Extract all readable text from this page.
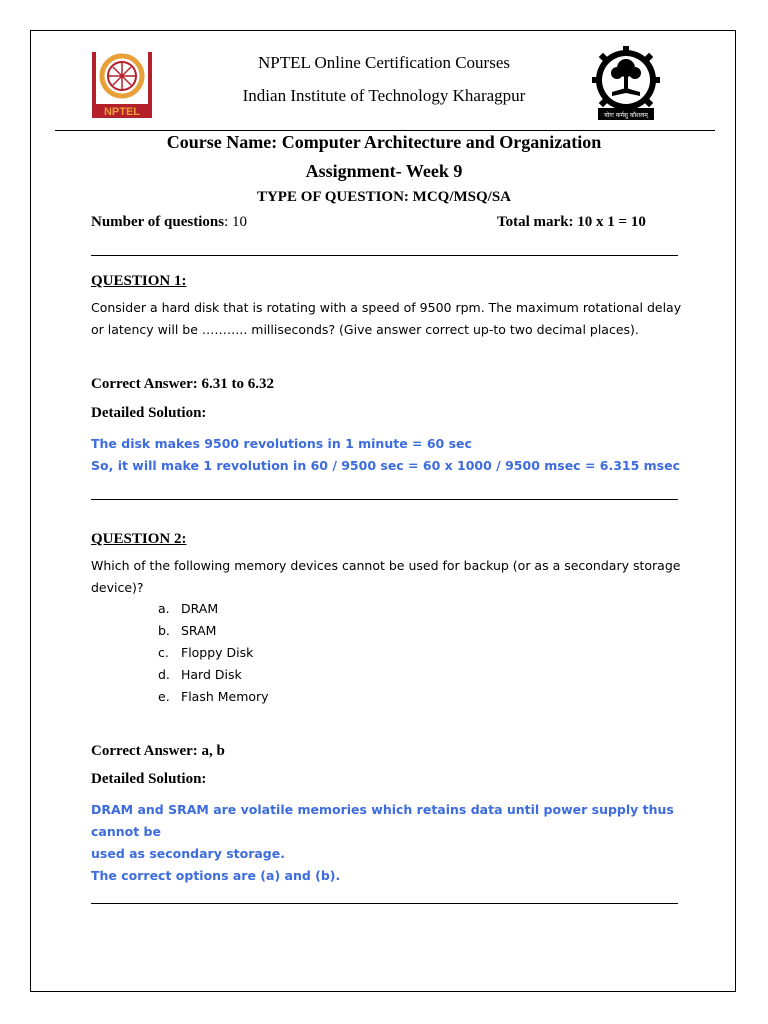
NPTEL
NPTEL Online Certification Courses
Indian Institute of Technology Kharagpur
योगः कर्मसु कौशलम्
Course Name: Computer Architecture and Organization
Assignment- Week 9
TYPE OF QUESTION: MCQ/MSQ/SA
Number of questions: 10	Total mark: 10 x 1 = 10
QUESTION 1:
Consider a hard disk that is rotating with a speed of 9500 rpm. The maximum rotational delay
or latency will be ……….. milliseconds? (Give answer correct up-to two decimal places).
Correct Answer: 6.31 to 6.32
Detailed Solution:
The disk makes 9500 revolutions in 1 minute = 60 sec
So, it will make 1 revolution in 60 / 9500 sec = 60 x 1000 / 9500 msec = 6.315 msec
QUESTION 2:
Which of the following memory devices cannot be used for backup (or as a secondary storage
device)?
a. DRAM
b. SRAM
c. Floppy Disk
d. Hard Disk
e. Flash Memory
Correct Answer: a, b
Detailed Solution:
DRAM and SRAM are volatile memories which retains data until power supply thus cannot be
used as secondary storage.
The correct options are (a) and (b).
